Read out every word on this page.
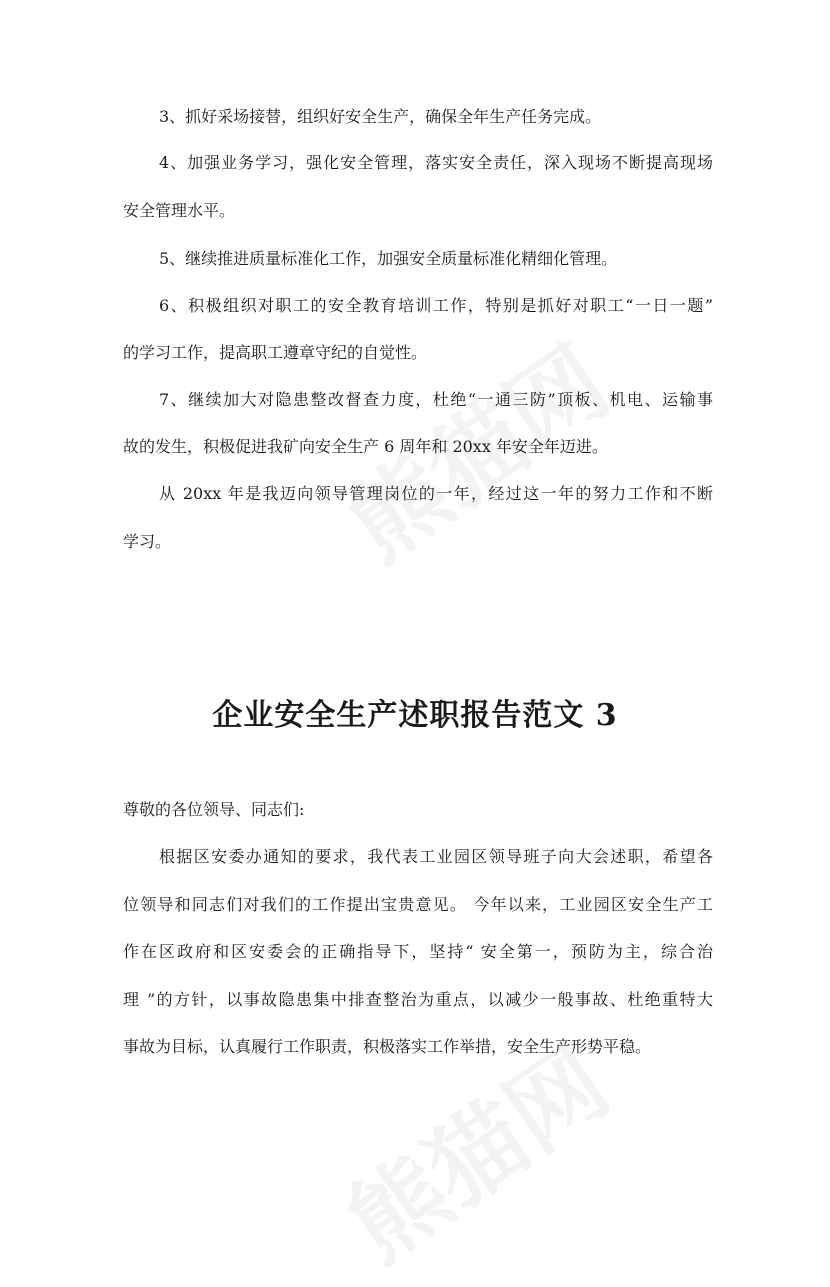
3、抓好采场接替，组织好安全生产，确保全年生产任务完成。
4、加强业务学习，强化安全管理，落实安全责任，深入现场不断提高现场
安全管理水平。
5、继续推进质量标准化工作，加强安全质量标准化精细化管理。
6、积极组织对职工的安全教育培训工作，特别是抓好对职工“一日一题”
的学习工作，提高职工遵章守纪的自觉性。
7、继续加大对隐患整改督查力度，杜绝“一通三防”顶板、机电、运输事
故的发生，积极促进我矿向安全生产 6 周年和 20xx 年安全年迈进。
从 20xx 年是我迈向领导管理岗位的一年，经过这一年的努力工作和不断
学习。
企业安全生产述职报告范文 3
尊敬的各位领导、同志们:
根据区安委办通知的要求，我代表工业园区领导班子向大会述职，希望各
位领导和同志们对我们的工作提出宝贵意见。 今年以来，工业园区安全生产工
作在区政府和区安委会的正确指导下，坚持“ 安全第一，预防为主，综合治
理 ”的方针，以事故隐患集中排查整治为重点，以减少一般事故、杜绝重特大
事故为目标，认真履行工作职责，积极落实工作举措，安全生产形势平稳。
